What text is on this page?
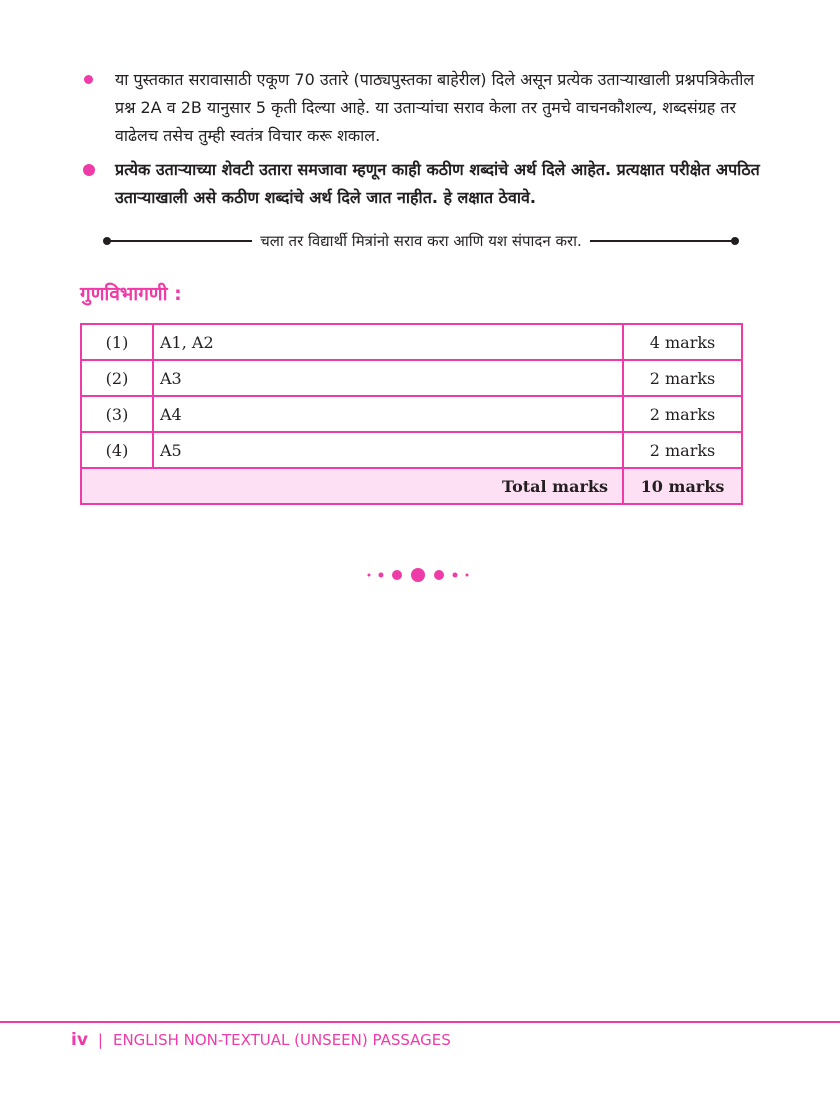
या पुस्तकात सरावासाठी एकूण 70 उतारे (पाठ्यपुस्तका बाहेरील) दिले असून प्रत्येक उताऱ्याखाली प्रश्नपत्रिकेतील प्रश्न 2A व 2B यानुसार 5 कृती दिल्या आहे. या उताऱ्यांचा सराव केला तर तुमचे वाचनकौशल्य, शब्दसंग्रह तर वाढेलच तसेच तुम्ही स्वतंत्र विचार करू शकाल.
प्रत्येक उताऱ्याच्या शेवटी उतारा समजावा म्हणून काही कठीण शब्दांचे अर्थ दिले आहेत. प्रत्यक्षात परीक्षेत अपठित उताऱ्याखाली असे कठीण शब्दांचे अर्थ दिले जात नाहीत. हे लक्षात ठेवावे.
चला तर विद्यार्थी मित्रांनो सराव करा आणि यश संपादन करा.
गुणविभागणी :
(1)	A1, A2	4 marks
(2)	A3	2 marks
(3)	A4	2 marks
(4)	A5	2 marks
Total marks		10 marks
iv | ENGLISH NON-TEXTUAL (UNSEEN) PASSAGES
